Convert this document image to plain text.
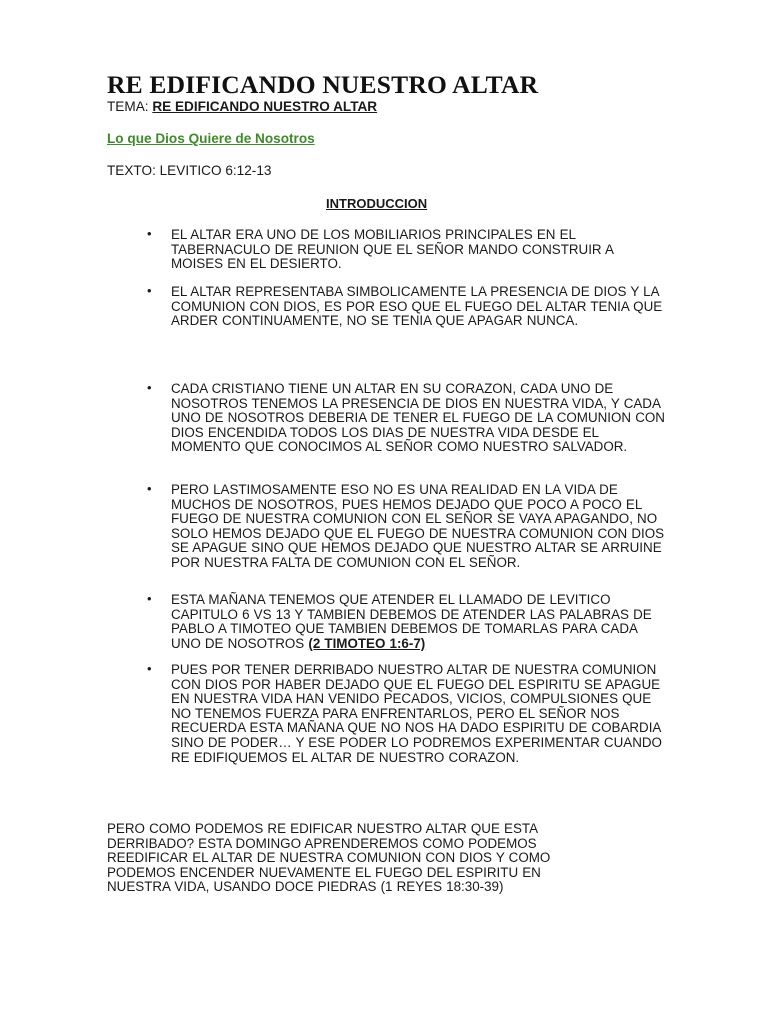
RE EDIFICANDO NUESTRO ALTAR
TEMA: RE EDIFICANDO NUESTRO ALTAR
Lo que Dios Quiere de Nosotros
TEXTO: LEVITICO 6:12-13
INTRODUCCION
• EL ALTAR ERA UNO DE LOS MOBILIARIOS PRINCIPALES EN EL TABERNACULO DE REUNION QUE EL SEÑOR MANDO CONSTRUIR A MOISES EN EL DESIERTO.
• EL ALTAR REPRESENTABA SIMBOLICAMENTE LA PRESENCIA DE DIOS Y LA COMUNION CON DIOS, ES POR ESO QUE EL FUEGO DEL ALTAR TENIA QUE ARDER CONTINUAMENTE, NO SE TENIA QUE APAGAR NUNCA.
• CADA CRISTIANO TIENE UN ALTAR EN SU CORAZON, CADA UNO DE NOSOTROS TENEMOS LA PRESENCIA DE DIOS EN NUESTRA VIDA, Y CADA UNO DE NOSOTROS DEBERIA DE TENER EL FUEGO DE LA COMUNION CON DIOS ENCENDIDA TODOS LOS DIAS DE NUESTRA VIDA DESDE EL MOMENTO QUE CONOCIMOS AL SEÑOR COMO NUESTRO SALVADOR.
• PERO LASTIMOSAMENTE ESO NO ES UNA REALIDAD EN LA VIDA DE MUCHOS DE NOSOTROS, PUES HEMOS DEJADO QUE POCO A POCO EL FUEGO DE NUESTRA COMUNION CON EL SEÑOR SE VAYA APAGANDO, NO SOLO HEMOS DEJADO QUE EL FUEGO DE NUESTRA COMUNION CON DIOS SE APAGUE SINO QUE HEMOS DEJADO QUE NUESTRO ALTAR SE ARRUINE POR NUESTRA FALTA DE COMUNION CON EL SEÑOR.
• ESTA MAÑANA TENEMOS QUE ATENDER EL LLAMADO DE LEVITICO CAPITULO 6 VS 13 Y TAMBIEN DEBEMOS DE ATENDER LAS PALABRAS DE PABLO A TIMOTEO QUE TAMBIEN DEBEMOS DE TOMARLAS PARA CADA UNO DE NOSOTROS (2 TIMOTEO 1:6-7)
• PUES POR TENER DERRIBADO NUESTRO ALTAR DE NUESTRA COMUNION CON DIOS POR HABER DEJADO QUE EL FUEGO DEL ESPIRITU SE APAGUE EN NUESTRA VIDA HAN VENIDO PECADOS, VICIOS, COMPULSIONES QUE NO TENEMOS FUERZA PARA ENFRENTARLOS, PERO EL SEÑOR NOS RECUERDA ESTA MAÑANA QUE NO NOS HA DADO ESPIRITU DE COBARDIA SINO DE PODER… Y ESE PODER LO PODREMOS EXPERIMENTAR CUANDO RE EDIFIQUEMOS EL ALTAR DE NUESTRO CORAZON.

PERO COMO PODEMOS RE EDIFICAR NUESTRO ALTAR QUE ESTA DERRIBADO? ESTA DOMINGO APRENDEREMOS COMO PODEMOS REEDIFICAR EL ALTAR DE NUESTRA COMUNION CON DIOS Y COMO PODEMOS ENCENDER NUEVAMENTE EL FUEGO DEL ESPIRITU EN NUESTRA VIDA, USANDO DOCE PIEDRAS (1 REYES 18:30-39)
